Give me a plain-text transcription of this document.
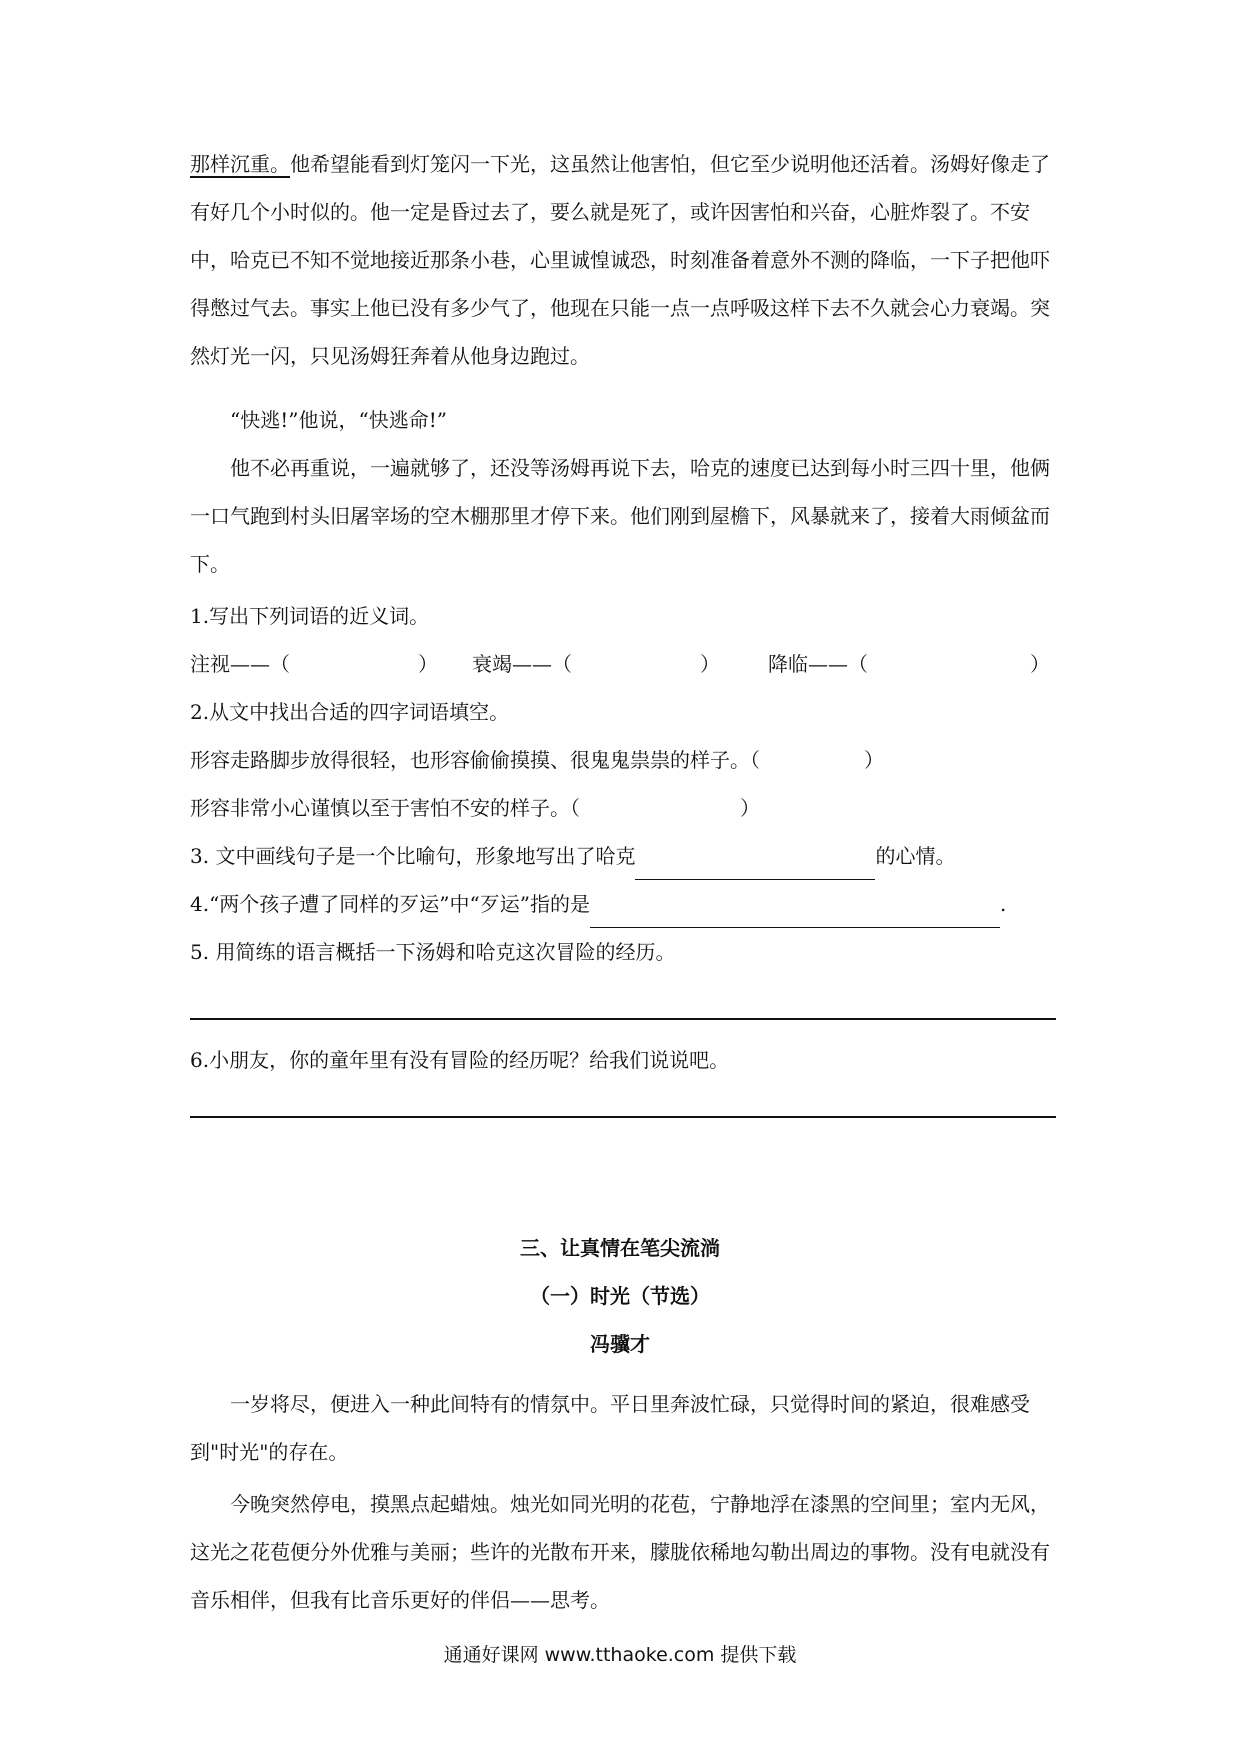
那样沉重。他希望能看到灯笼闪一下光，这虽然让他害怕，但它至少说明他还活着。汤姆好像走了有好几个小时似的。他一定是昏过去了，要么就是死了，或许因害怕和兴奋，心脏炸裂了。不安中，哈克已不知不觉地接近那条小巷，心里诚惶诚恐，时刻准备着意外不测的降临，一下子把他吓得憋过气去。事实上他已没有多少气了，他现在只能一点一点呼吸这样下去不久就会心力衰竭。突然灯光一闪，只见汤姆狂奔着从他身边跑过。
“快逃!”他说，“快逃命!”
他不必再重说，一遍就够了，还没等汤姆再说下去，哈克的速度已达到每小时三四十里，他俩一口气跑到村头旧屠宰场的空木棚那里才停下来。他们刚到屋檐下，风暴就来了，接着大雨倾盆而下。
1.写出下列词语的近义词。
注视——（	） 衰竭——（	） 降临——（	）
2.从文中找出合适的四字词语填空。
形容走路脚步放得很轻，也形容偷偷摸摸、很鬼鬼祟祟的样子。（	）
形容非常小心谨慎以至于害怕不安的样子。（	）
3. 文中画线句子是一个比喻句，形象地写出了哈克	的心情。
4.“两个孩子遭了同样的歹运”中“歹运”指的是	.
5. 用简练的语言概括一下汤姆和哈克这次冒险的经历。
6.小朋友，你的童年里有没有冒险的经历呢？给我们说说吧。
三、让真情在笔尖流淌
（一）时光（节选）
冯骥才
一岁将尽，便进入一种此间特有的情氛中。平日里奔波忙碌，只觉得时间的紧迫，很难感受到"时光"的存在。
今晚突然停电，摸黑点起蜡烛。烛光如同光明的花苞，宁静地浮在漆黑的空间里；室内无风，这光之花苞便分外优雅与美丽；些许的光散布开来，朦胧依稀地勾勒出周边的事物。没有电就没有音乐相伴，但我有比音乐更好的伴侣——思考。
通通好课网 www.tthaoke.com 提供下载
